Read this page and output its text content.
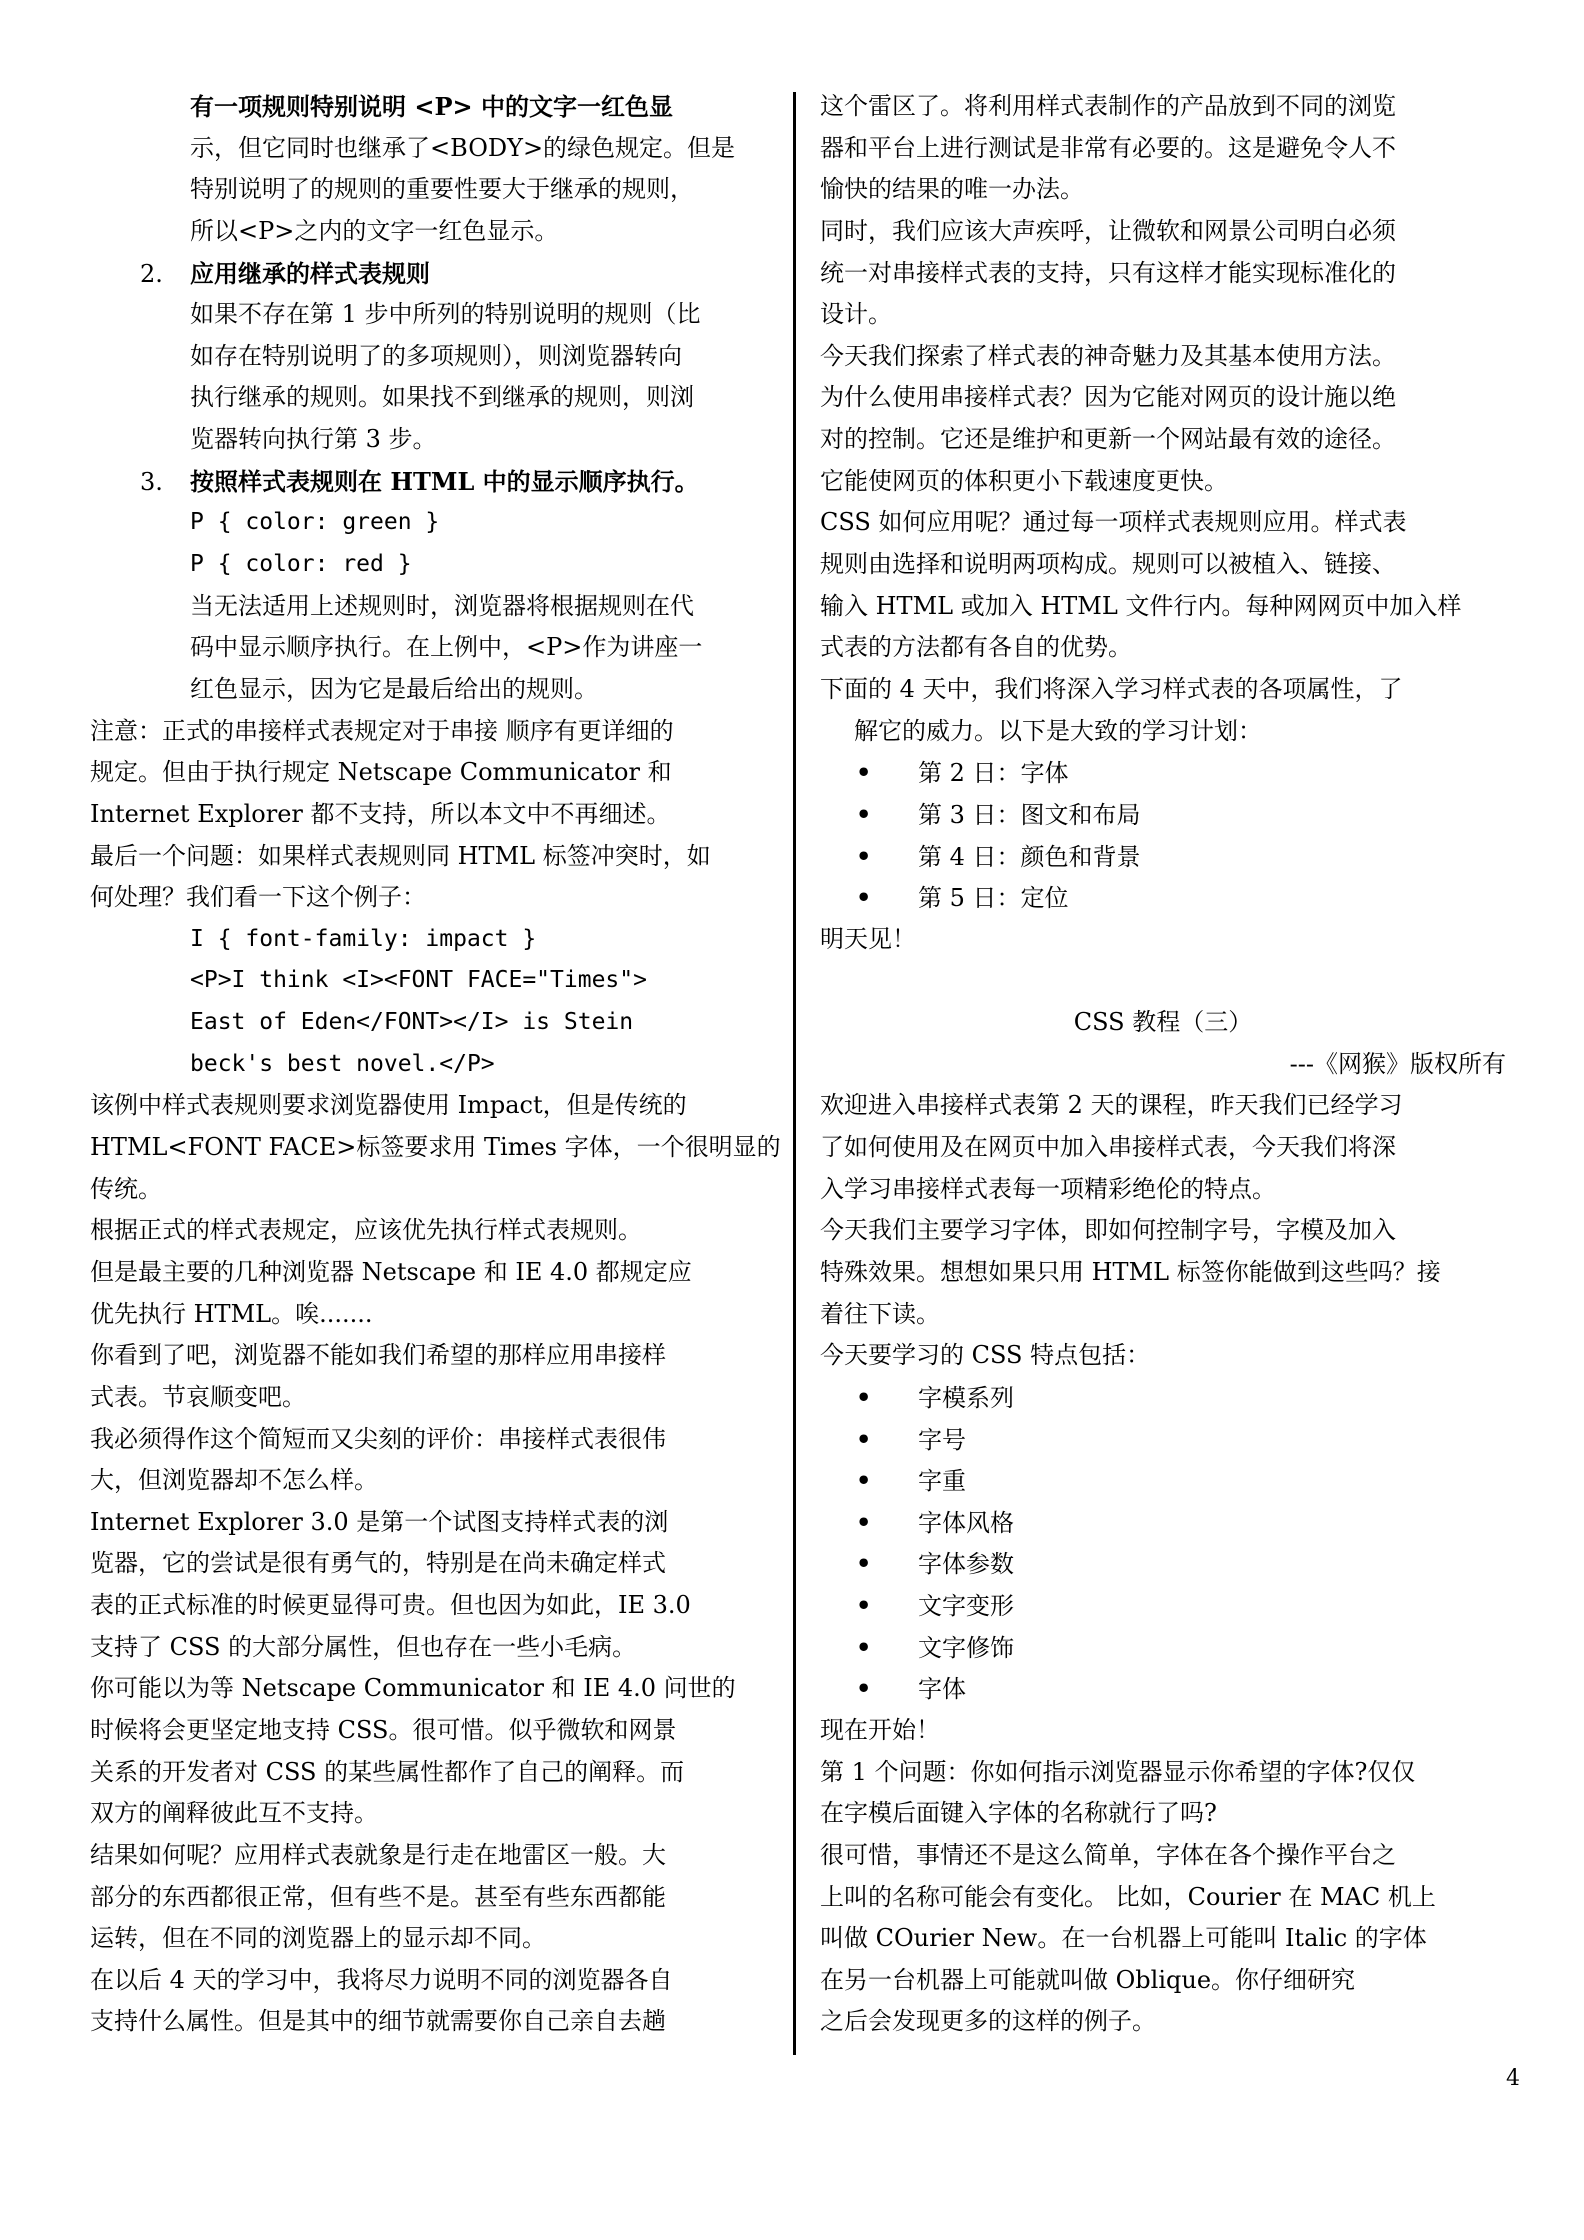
有一项规则特别说明 <P> 中的文字一红色显
示，但它同时也继承了<BODY>的绿色规定。但是
特别说明了的规则的重要性要大于继承的规则，
所以<P>之内的文字一红色显示。
2. 应用继承的样式表规则
如果不存在第 1 步中所列的特别说明的规则（比
如存在特别说明了的多项规则），则浏览器转向
执行继承的规则。如果找不到继承的规则，则浏
览器转向执行第 3 步。
3. 按照样式表规则在 HTML 中的显示顺序执行。
P { color: green }
P { color: red }
当无法适用上述规则时，浏览器将根据规则在代
码中显示顺序执行。在上例中，<P>作为讲座一
红色显示，因为它是最后给出的规则。
注意：正式的串接样式表规定对于串接 顺序有更详细的
规定。但由于执行规定 Netscape Communicator 和
Internet Explorer 都不支持，所以本文中不再细述。
最后一个问题：如果样式表规则同 HTML 标签冲突时，如
何处理？我们看一下这个例子：
I { font-family: impact }
<P>I think <I><FONT FACE="Times">
East of Eden</FONT></I> is Stein
beck's best novel.</P>
该例中样式表规则要求浏览器使用 Impact，但是传统的
HTML<FONT FACE>标签要求用 Times 字体，一个很明显的
传统。
根据正式的样式表规定，应该优先执行样式表规则。
但是最主要的几种浏览器 Netscape 和 IE 4.0 都规定应
优先执行 HTML。唉.......
你看到了吧，浏览器不能如我们希望的那样应用串接样
式表。节哀顺变吧。
我必须得作这个简短而又尖刻的评价：串接样式表很伟
大，但浏览器却不怎么样。
Internet Explorer 3.0 是第一个试图支持样式表的浏
览器，它的尝试是很有勇气的，特别是在尚未确定样式
表的正式标准的时候更显得可贵。但也因为如此，IE 3.0
支持了 CSS 的大部分属性，但也存在一些小毛病。
你可能以为等 Netscape Communicator 和 IE 4.0 问世的
时候将会更坚定地支持 CSS。很可惜。似乎微软和网景
关系的开发者对 CSS 的某些属性都作了自己的阐释。而
双方的阐释彼此互不支持。
结果如何呢？应用样式表就象是行走在地雷区一般。大
部分的东西都很正常，但有些不是。甚至有些东西都能
运转，但在不同的浏览器上的显示却不同。
在以后 4 天的学习中，我将尽力说明不同的浏览器各自
支持什么属性。但是其中的细节就需要你自己亲自去趟
这个雷区了。将利用样式表制作的产品放到不同的浏览
器和平台上进行测试是非常有必要的。这是避免令人不
愉快的结果的唯一办法。
同时，我们应该大声疾呼，让微软和网景公司明白必须
统一对串接样式表的支持，只有这样才能实现标准化的
设计。
今天我们探索了样式表的神奇魅力及其基本使用方法。
为什么使用串接样式表？因为它能对网页的设计施以绝
对的控制。它还是维护和更新一个网站最有效的途径。
它能使网页的体积更小下载速度更快。
CSS 如何应用呢？通过每一项样式表规则应用。样式表
规则由选择和说明两项构成。规则可以被植入、链接、
输入 HTML 或加入 HTML 文件行内。每种网网页中加入样
式表的方法都有各自的优势。
下面的 4 天中，我们将深入学习样式表的各项属性，了
解它的威力。以下是大致的学习计划：
• 第 2 日：字体
• 第 3 日：图文和布局
• 第 4 日：颜色和背景
• 第 5 日：定位
明天见！
CSS 教程（三）
---《网猴》版权所有
欢迎进入串接样式表第 2 天的课程，昨天我们已经学习
了如何使用及在网页中加入串接样式表，今天我们将深
入学习串接样式表每一项精彩绝伦的特点。
今天我们主要学习字体，即如何控制字号，字模及加入
特殊效果。想想如果只用 HTML 标签你能做到这些吗？接
着往下读。
今天要学习的 CSS 特点包括：
• 字模系列
• 字号
• 字重
• 字体风格
• 字体参数
• 文字变形
• 文字修饰
• 字体
现在开始！
第 1 个问题：你如何指示浏览器显示你希望的字体?仅仅
在字模后面键入字体的名称就行了吗?
很可惜，事情还不是这么简单，字体在各个操作平台之
上叫的名称可能会有变化。 比如，Courier 在 MAC 机上
叫做 COurier New。在一台机器上可能叫 Italic 的字体
在另一台机器上可能就叫做 Oblique。你仔细研究
之后会发现更多的这样的例子。
4
